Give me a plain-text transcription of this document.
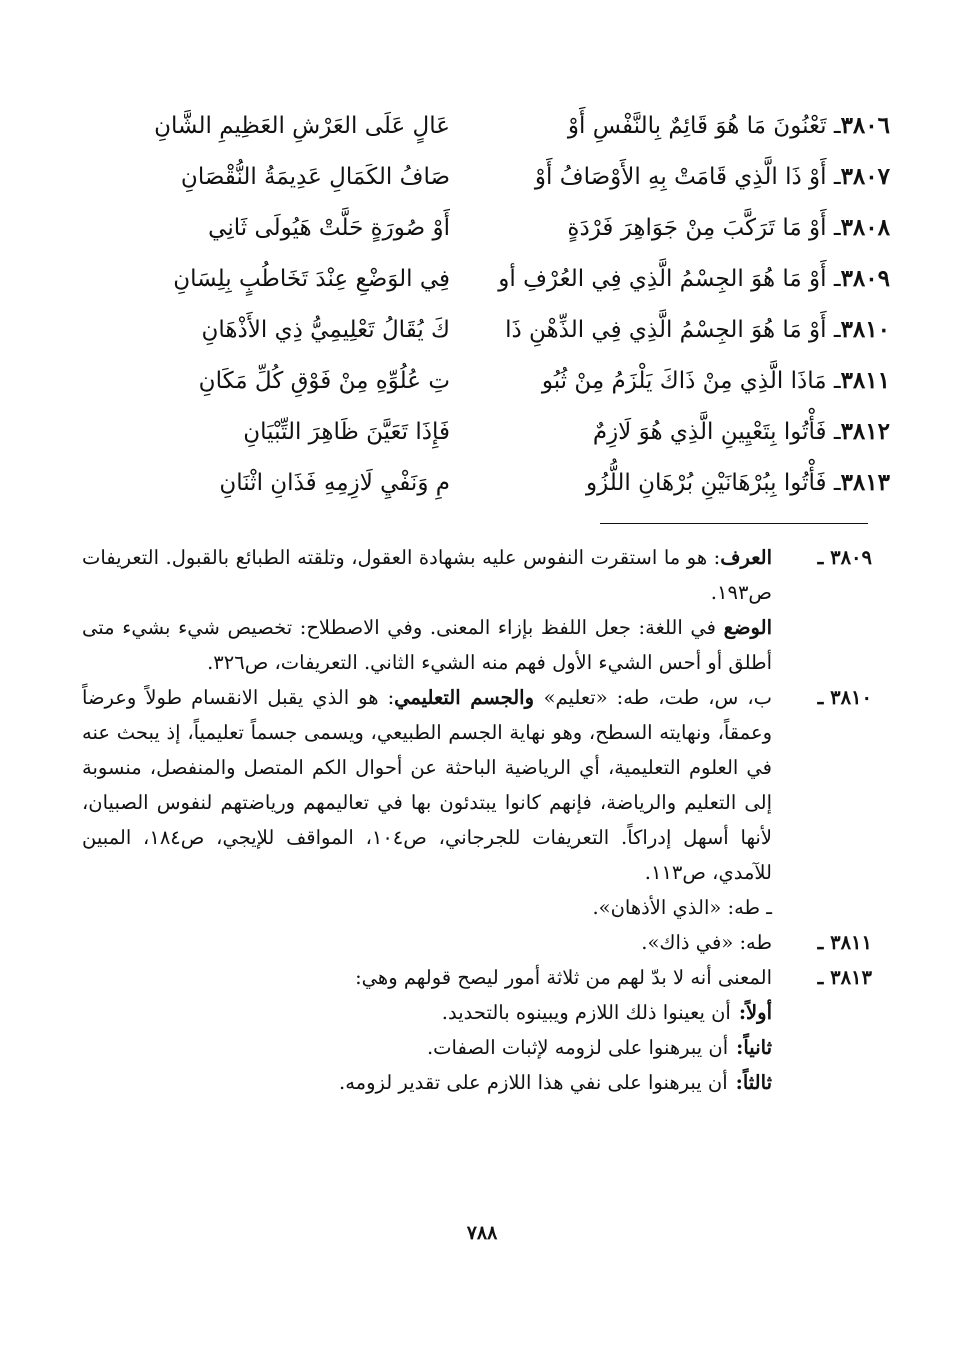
٣٨٠٦ـ تَعْنُونَ مَا هُوَ قَائِمٌ بِالنَّفْسِ أَوْ
عَالٍ عَلَى العَرْشِ العَظِيمِ الشَّانِ
٣٨٠٧ـ أَوْ ذَا الَّذِي قَامَتْ بِهِ الأَوْصَافُ أَوْ
صَافُ الكَمَالِ عَدِيمَةُ النُّقْصَانِ
٣٨٠٨ـ أَوْ مَا تَرَكَّبَ مِنْ جَوَاهِرَ فَرْدَةٍ
أَوْ صُورَةٍ حَلَّتْ هَيُولَى ثَانِي
٣٨٠٩ـ أَوْ مَا هُوَ الجِسْمُ الَّذِي فِي العُرْفِ أو
فِي الوَضْعِ عِنْدَ تَخَاطُبٍ بِلِسَانِ
٣٨١٠ـ أَوْ مَا هُوَ الجِسْمُ الَّذِي فِي الذِّهْنِ ذَا
كَ يُقَالُ تَعْلِيمِيُّ ذِي الأَذْهَانِ
٣٨١١ـ مَاذَا الَّذِي مِنْ ذَاكَ يَلْزَمُ مِنْ ثُبُو
تِ عُلُوِّهِ مِنْ فَوْقِ كُلِّ مَكَانِ
٣٨١٢ـ فَأْتُوا بِتَعْيِينِ الَّذِي هُوَ لَازِمٌ
فَإِذَا تَعَيَّنَ ظَاهِرَ التِّبْيَانِ
٣٨١٣ـ فَأْتُوا بِبُرْهَانَيْنِ بُرْهَانِ اللُّزُو
مِ وَنَفْيِ لَازِمِهِ فَذَانِ اثْنَانِ
٣٨٠٩ ـ
العرف: هو ما استقرت النفوس عليه بشهادة العقول، وتلقته الطبائع بالقبول. التعريفات ص١٩٣.

الوضع في اللغة: جعل اللفظ بإزاء المعنى. وفي الاصطلاح: تخصيص شيء بشيء متى أطلق أو أحس الشيء الأول فهم منه الشيء الثاني. التعريفات، ص٣٢٦.

٣٨١٠ ـ
ب، س، طت، طه: «تعليم» والجسم التعليمي: هو الذي يقبل الانقسام طولاً وعرضاً وعمقاً، ونهايته السطح، وهو نهاية الجسم الطبيعي، ويسمى جسماً تعليمياً، إذ يبحث عنه في العلوم التعليمية، أي الرياضية الباحثة عن أحوال الكم المتصل والمنفصل، منسوبة إلى التعليم والرياضة، فإنهم كانوا يبتدئون بها في تعاليمهم ورياضتهم لنفوس الصبيان، لأنها أسهل إدراكاً. التعريفات للجرجاني، ص١٠٤، المواقف للإيجي، ص١٨٤، المبين للآمدي، ص١١٣.

ـ طه: «الذي الأذهان».

٣٨١١ ـ
طه: «في ذاك».
٣٨١٣ ـ
المعنى أنه لا بدّ لهم من ثلاثة أمور ليصح قولهم وهي:
أولاً:
أن يعينوا ذلك اللازم ويبينوه بالتحديد.
ثانياً:
أن يبرهنوا على لزومه لإثبات الصفات.
ثالثاً:
أن يبرهنوا على نفي هذا اللازم على تقدير لزومه.
٧٨٨
